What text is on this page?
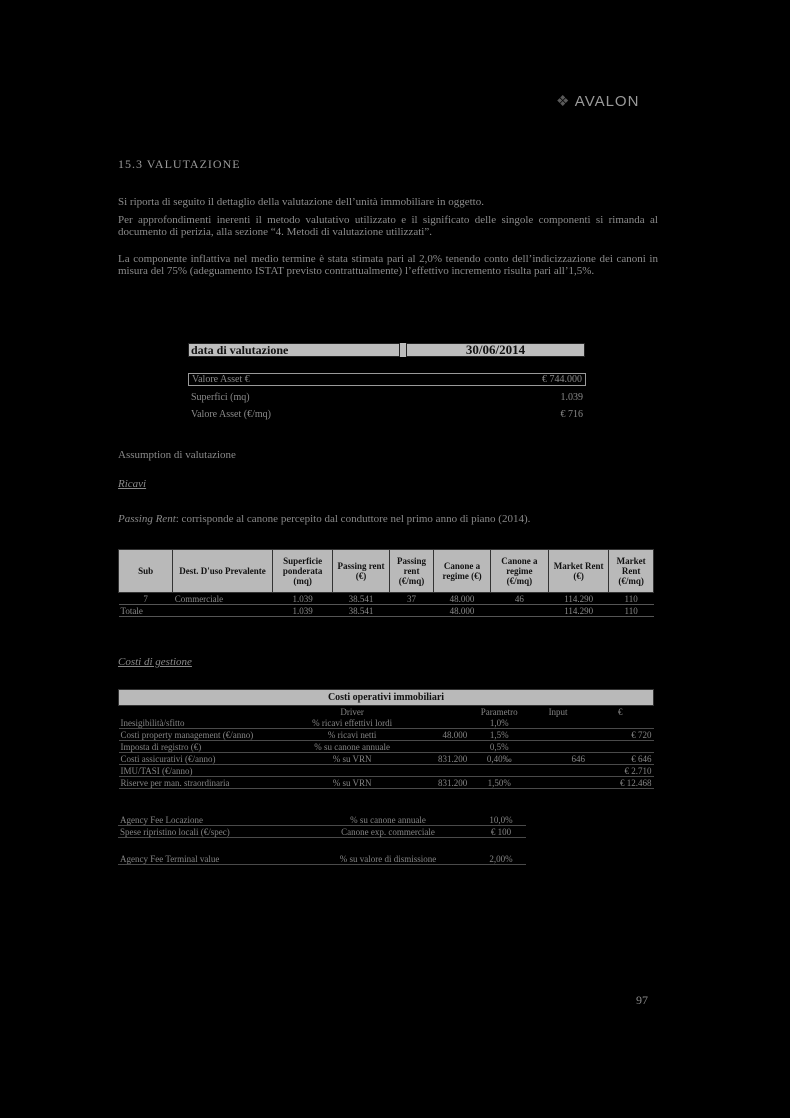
❖ AVALON
15.3 VALUTAZIONE
Si riporta di seguito il dettaglio della valutazione dell’unità immobiliare in oggetto.
Per approfondimenti inerenti il metodo valutativo utilizzato e il significato delle singole componenti si rimanda al documento di perizia, alla sezione “4. Metodi di valutazione utilizzati”.
La componente inflattiva nel medio termine è stata stimata pari al 2,0% tenendo conto dell’indicizzazione dei canoni in misura del 75% (adeguamento ISTAT previsto contrattualmente) l’effettivo incremento risulta pari all’1,5%.
data di valutazione	30/06/2014
Valore Asset €	€ 744.000
Superfici (mq)	1.039
Valore Asset (€/mq)	€ 716
Assumption di valutazione
Ricavi
Passing Rent: corrisponde al canone percepito dal conduttore nel primo anno di piano (2014).
Sub	Dest. D'uso Prevalente	Superficie ponderata (mq)	Passing rent (€)	Passing rent (€/mq)	Canone a regime (€)	Canone a regime (€/mq)	Market Rent (€)	Market Rent (€/mq)
7	Commerciale	1.039	38.541	37	48.000	46	114.290	110
Totale		1.039	38.541		48.000		114.290	110
Costi di gestione
Costi operativi immobiliari					
	Driver		Parametro	Input	€
Inesigibilità/sfitto	% ricavi effettivi lordi		1,0%		
Costi property management (€/anno)	% ricavi netti	48.000	1,5%		€ 720
Imposta di registro (€)	% su canone annuale		0,5%		
Costi assicurativi (€/anno)	% su VRN	831.200	0,40‰	646	€ 646
IMU/TASI (€/anno)					€ 2.710
Riserve per man. straordinaria	% su VRN	831.200	1,50%		€ 12.468
Agency Fee Locazione	% su canone annuale	10,0%
Spese ripristino locali (€/spec)	Canone exp. commerciale	€ 100
Agency Fee Terminal value	% su valore di dismissione	2,00%
97
